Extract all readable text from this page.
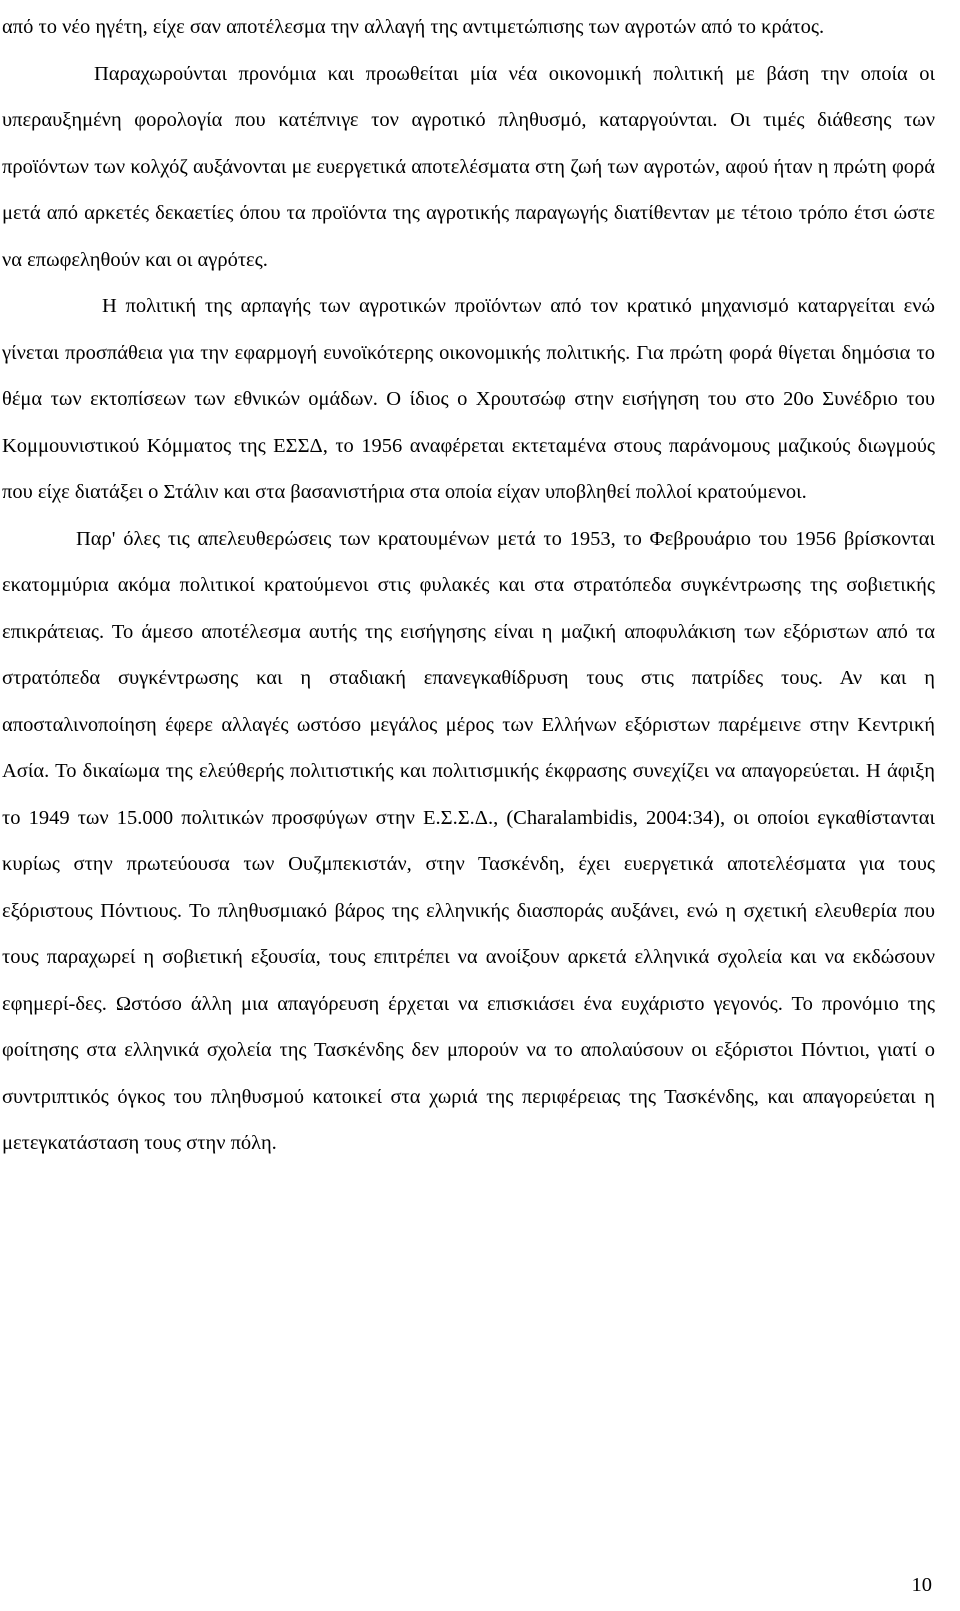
από το νέο ηγέτη, είχε σαν αποτέλεσμα την αλλαγή της αντιμετώπισης των αγροτών από το κράτος.

Παραχωρούνται προνόμια και προωθείται μία νέα οικονομική πολιτική με βάση την οποία οι υπεραυξημένη φορολογία που κατέπνιγε τον αγροτικό πληθυσμό, καταργούνται. Οι τιμές διάθεσης των προϊόντων των κολχόζ αυξάνονται με ευεργετικά αποτελέσματα στη ζωή των αγροτών, αφού ήταν η πρώτη φορά μετά από αρκετές δεκαετίες όπου τα προϊόντα της αγροτικής παραγωγής διατίθενταν με τέτοιο τρόπο έτσι ώστε να επωφεληθούν και οι αγρότες.

Η πολιτική της αρπαγής των αγροτικών προϊόντων από τον κρατικό μηχανισμό καταργείται ενώ γίνεται προσπάθεια για την εφαρμογή ευνοϊκότερης οικονομικής πολιτικής. Για πρώτη φορά θίγεται δημόσια το θέμα των εκτοπίσεων των εθνικών ομάδων. Ο ίδιος ο Χρουτσώφ στην εισήγηση του στο 20ο Συνέδριο του Κομμουνιστικού Κόμματος της ΕΣΣΔ, το 1956 αναφέρεται εκτεταμένα στους παράνομους μαζικούς διωγμούς που είχε διατάξει ο Στάλιν και στα βασανιστήρια στα οποία είχαν υποβληθεί πολλοί κρατούμενοι.

Παρ' όλες τις απελευθερώσεις των κρατουμένων μετά το 1953, το Φεβρουάριο του 1956 βρίσκονται εκατομμύρια ακόμα πολιτικοί κρατούμενοι στις φυλακές και στα στρατόπεδα συγκέντρωσης της σοβιετικής επικράτειας. Το άμεσο αποτέλεσμα αυτής της εισήγησης είναι η μαζική αποφυλάκιση των εξόριστων από τα στρατόπεδα συγκέντρωσης και η σταδιακή επανεγκαθίδρυση τους στις πατρίδες τους. Αν και η αποσταλινοποίηση έφερε αλλαγές ωστόσο μεγάλος μέρος των Ελλήνων εξόριστων παρέμεινε στην Κεντρική Ασία. Το δικαίωμα της ελεύθερής πολιτιστικής και πολιτισμικής έκφρασης συνεχίζει να απαγορεύεται. Η άφιξη το 1949 των 15.000 πολιτικών προσφύγων στην Ε.Σ.Σ.Δ., (Charalambidis, 2004:34), οι οποίοι εγκαθίστανται κυρίως στην πρωτεύουσα των Ουζμπεκιστάν, στην Τασκένδη, έχει ευεργετικά αποτελέσματα για τους εξόριστους Πόντιους. Το πληθυσμιακό βάρος της ελληνικής διασποράς αυξάνει, ενώ η σχετική ελευθερία που τους παραχωρεί η σοβιετική εξουσία, τους επιτρέπει να ανοίξουν αρκετά ελληνικά σχολεία και να εκδώσουν εφημερί-δες. Ωστόσο άλλη μια απαγόρευση έρχεται να επισκιάσει ένα ευχάριστο γεγονός. Το προνόμιο της φοίτησης στα ελληνικά σχολεία της Τασκένδης δεν μπορούν να το απολαύσουν οι εξόριστοι Πόντιοι, γιατί ο συντριπτικός όγκος του πληθυσμού κατοικεί στα χωριά της περιφέρειας της Τασκένδης, και απαγορεύεται η μετεγκατάσταση τους στην πόλη.

10
